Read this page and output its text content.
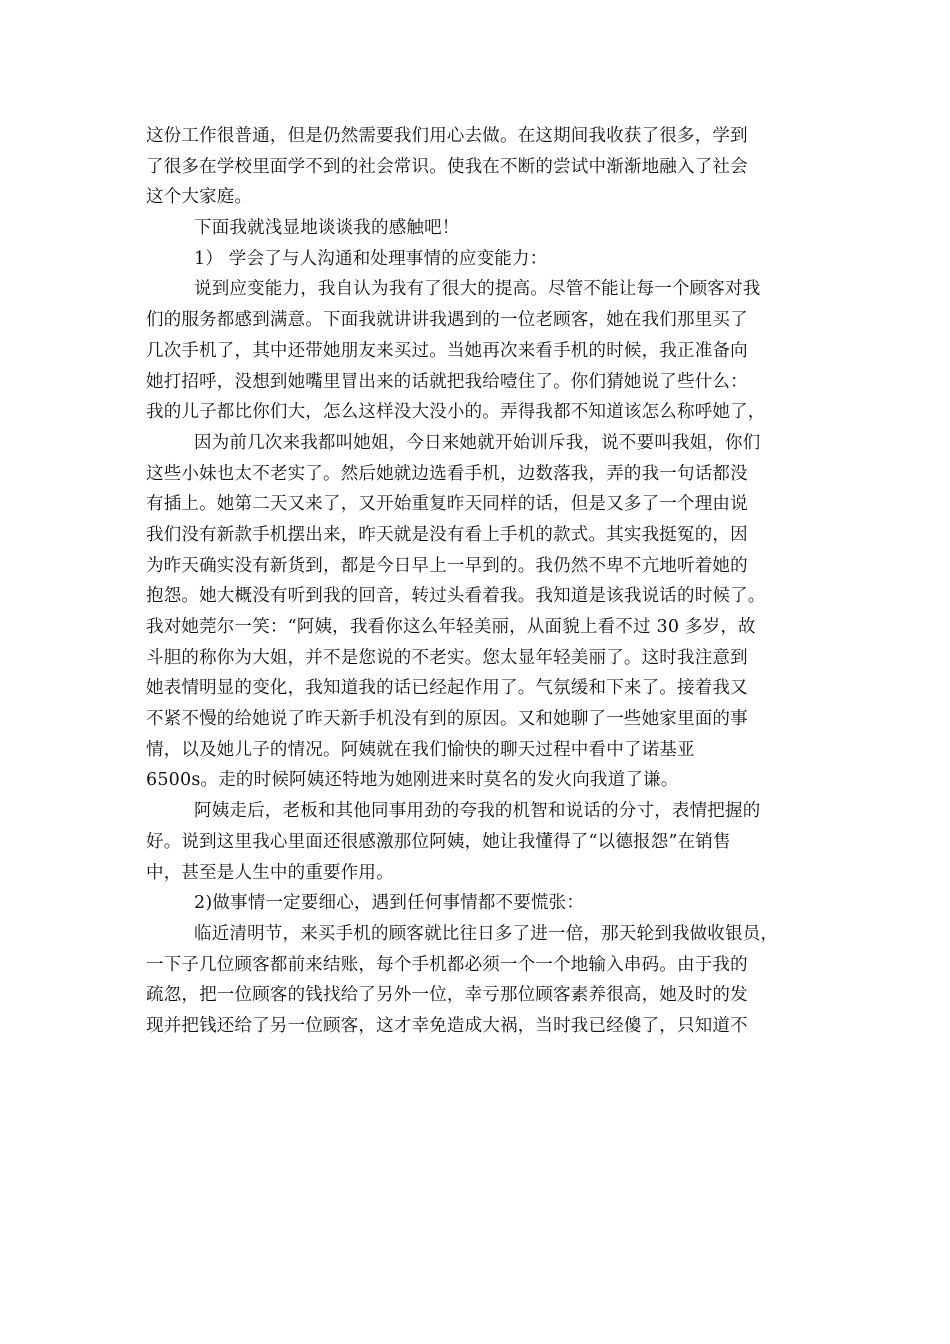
这份工作很普通，但是仍然需要我们用心去做。在这期间我收获了很多，学到
了很多在学校里面学不到的社会常识。使我在不断的尝试中渐渐地融入了社会
这个大家庭。
下面我就浅显地谈谈我的感触吧！
1） 学会了与人沟通和处理事情的应变能力：
说到应变能力，我自认为我有了很大的提高。尽管不能让每一个顾客对我
们的服务都感到满意。下面我就讲讲我遇到的一位老顾客，她在我们那里买了
几次手机了，其中还带她朋友来买过。当她再次来看手机的时候，我正准备向
她打招呼，没想到她嘴里冒出来的话就把我给噎住了。你们猜她说了些什么：
我的儿子都比你们大，怎么这样没大没小的。弄得我都不知道该怎么称呼她了，
因为前几次来我都叫她姐，今日来她就开始训斥我，说不要叫我姐，你们
这些小妹也太不老实了。然后她就边选看手机，边数落我，弄的我一句话都没
有插上。她第二天又来了，又开始重复昨天同样的话，但是又多了一个理由说
我们没有新款手机摆出来，昨天就是没有看上手机的款式。其实我挺冤的，因
为昨天确实没有新货到，都是今日早上一早到的。我仍然不卑不亢地听着她的
抱怨。她大概没有听到我的回音，转过头看着我。我知道是该我说话的时候了。
我对她莞尔一笑：“阿姨，我看你这么年轻美丽，从面貌上看不过 30 多岁，故
斗胆的称你为大姐，并不是您说的不老实。您太显年轻美丽了。这时我注意到
她表情明显的变化，我知道我的话已经起作用了。气氛缓和下来了。接着我又
不紧不慢的给她说了昨天新手机没有到的原因。又和她聊了一些她家里面的事
情，以及她儿子的情况。阿姨就在我们愉快的聊天过程中看中了诺基亚
6500s。走的时候阿姨还特地为她刚进来时莫名的发火向我道了谦。
阿姨走后，老板和其他同事用劲的夸我的机智和说话的分寸，表情把握的
好。说到这里我心里面还很感激那位阿姨，她让我懂得了“以德报怨”在销售
中，甚至是人生中的重要作用。
2)做事情一定要细心，遇到任何事情都不要慌张：
临近清明节，来买手机的顾客就比往日多了进一倍，那天轮到我做收银员，
一下子几位顾客都前来结账，每个手机都必须一个一个地输入串码。由于我的
疏忽，把一位顾客的钱找给了另外一位，幸亏那位顾客素养很高，她及时的发
现并把钱还给了另一位顾客，这才幸免造成大祸，当时我已经傻了，只知道不
